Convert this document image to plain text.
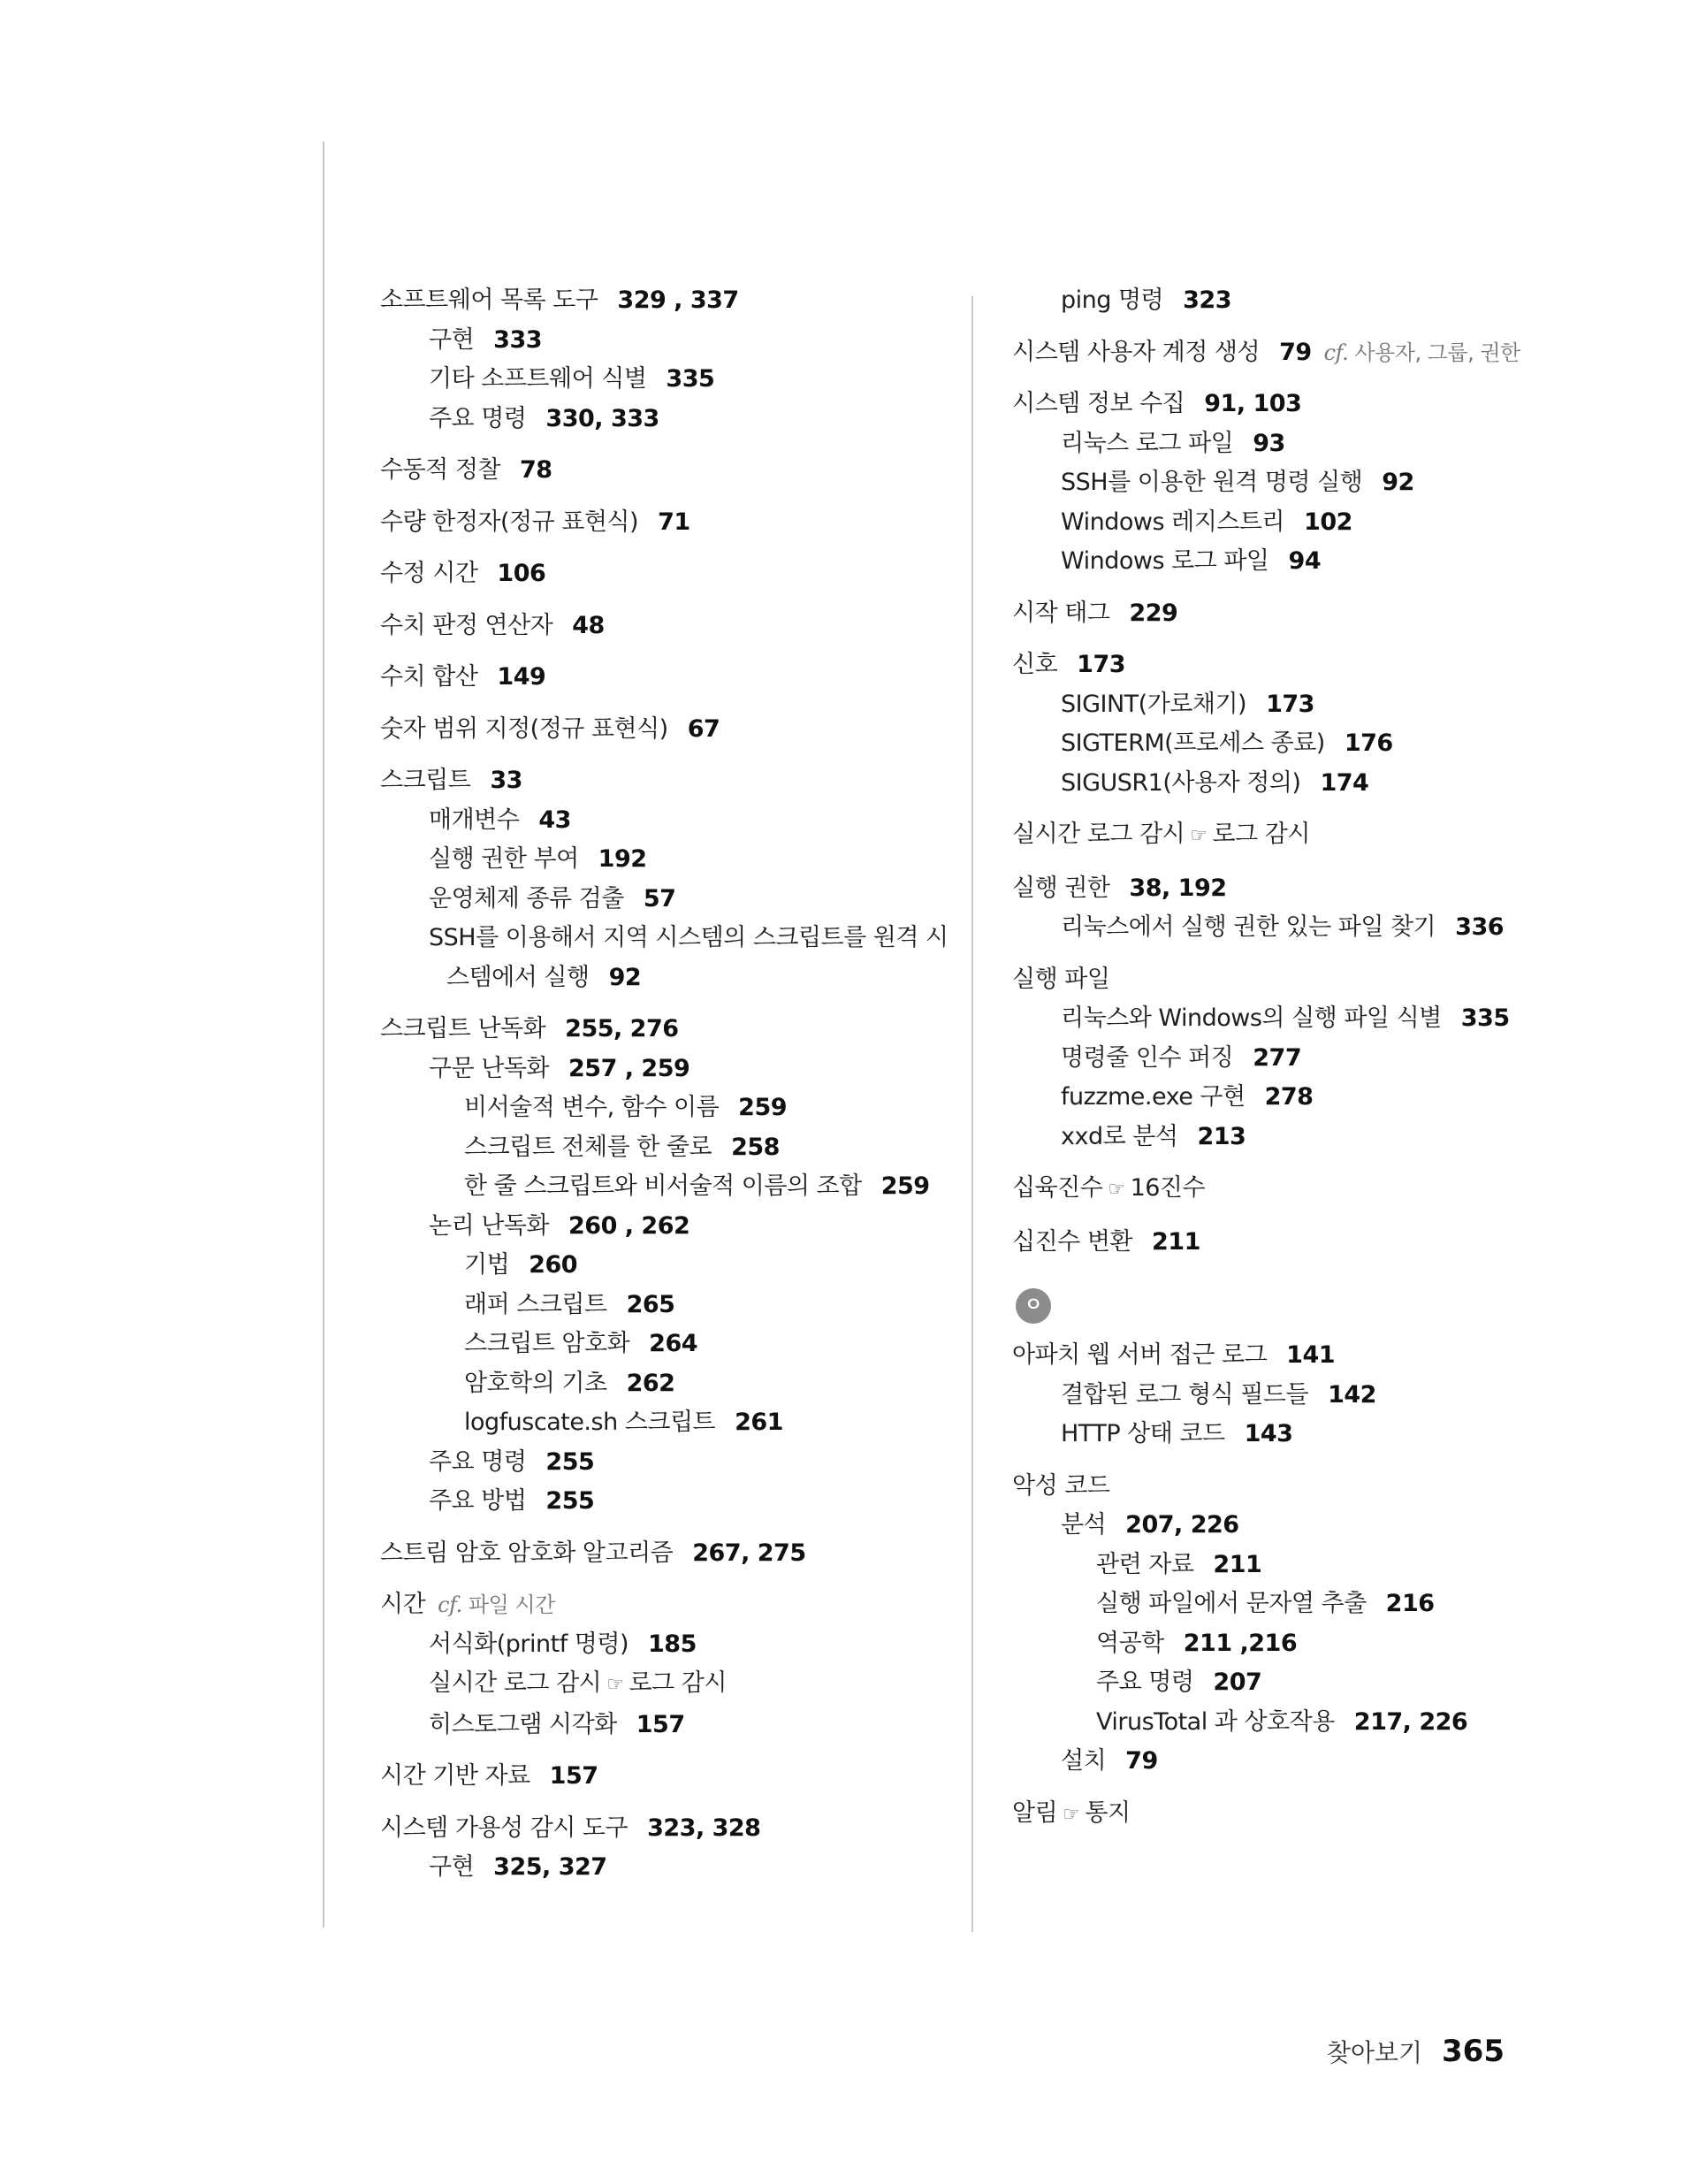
소프트웨어 목록 도구 329 , 337
구현 333
기타 소프트웨어 식별 335
주요 명령 330, 333
수동적 정찰 78
수량 한정자(정규 표현식) 71
수정 시간 106
수치 판정 연산자 48
수치 합산 149
숫자 범위 지정(정규 표현식) 67
스크립트 33
매개변수 43
실행 권한 부여 192
운영체제 종류 검출 57
SSH를 이용해서 지역 시스템의 스크립트를 원격 시
스템에서 실행 92
스크립트 난독화 255, 276
구문 난독화 257 , 259
비서술적 변수, 함수 이름 259
스크립트 전체를 한 줄로 258
한 줄 스크립트와 비서술적 이름의 조합 259
논리 난독화 260 , 262
기법 260
래퍼 스크립트 265
스크립트 암호화 264
암호학의 기초 262
logfuscate.sh 스크립트 261
주요 명령 255
주요 방법 255
스트림 암호 암호화 알고리즘 267, 275
시간 cf. 파일 시간
서식화(printf 명령) 185
실시간 로그 감시 ☞ 로그 감시
히스토그램 시각화 157
시간 기반 자료 157
시스템 가용성 감시 도구 323, 328
구현 325, 327
ping 명령 323
시스템 사용자 계정 생성 79 cf. 사용자, 그룹, 권한
시스템 정보 수집 91, 103
리눅스 로그 파일 93
SSH를 이용한 원격 명령 실행 92
Windows 레지스트리 102
Windows 로그 파일 94
시작 태그 229
신호 173
SIGINT(가로채기) 173
SIGTERM(프로세스 종료) 176
SIGUSR1(사용자 정의) 174
실시간 로그 감시 ☞ 로그 감시
실행 권한 38, 192
리눅스에서 실행 권한 있는 파일 찾기 336
실행 파일
리눅스와 Windows의 실행 파일 식별 335
명령줄 인수 퍼징 277
fuzzme.exe 구현 278
xxd로 분석 213
십육진수 ☞ 16진수
십진수 변환 211
ㅇ
아파치 웹 서버 접근 로그 141
결합된 로그 형식 필드들 142
HTTP 상태 코드 143
악성 코드
분석 207, 226
관련 자료 211
실행 파일에서 문자열 추출 216
역공학 211 ,216
주요 명령 207
VirusTotal 과 상호작용 217, 226
설치 79
알림 ☞ 통지
찾아보기 365
